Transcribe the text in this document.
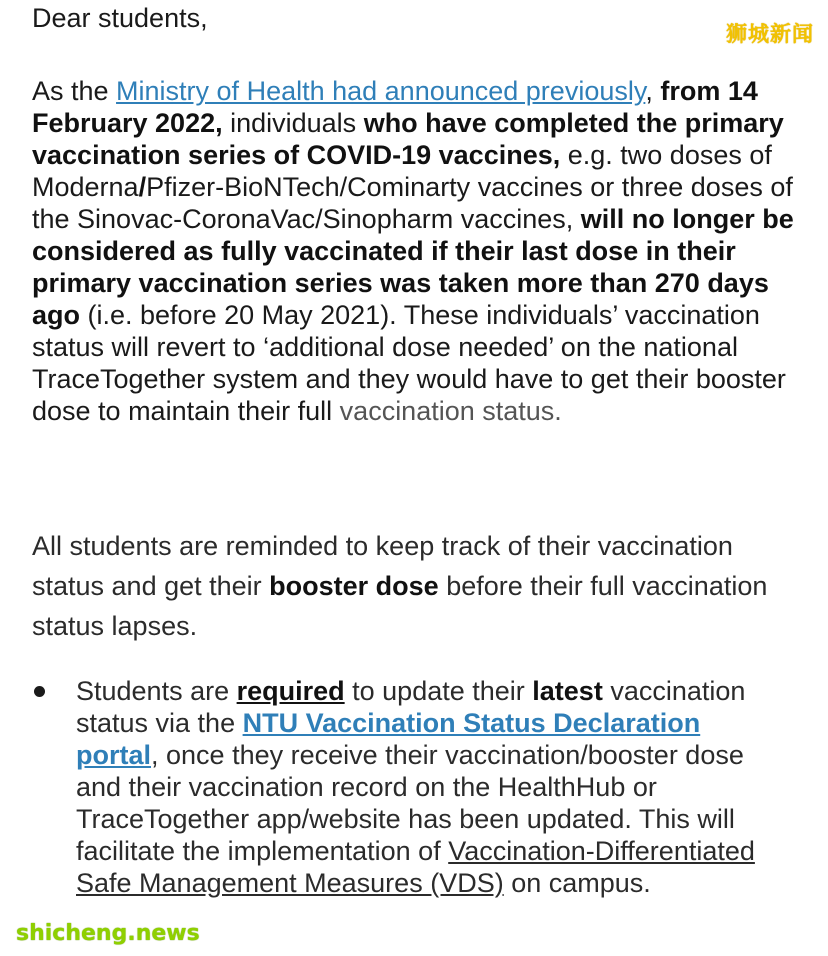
狮城新闻

Dear students,

As the Ministry of Health had announced previously, from 14 February 2022, individuals who have completed the primary vaccination series of COVID-19 vaccines, e.g. two doses of Moderna/Pfizer-BioNTech/Cominarty vaccines or three doses of the Sinovac-CoronaVac/Sinopharm vaccines, will no longer be considered as fully vaccinated if their last dose in their primary vaccination series was taken more than 270 days ago (i.e. before 20 May 2021). These individuals’ vaccination status will revert to ‘additional dose needed’ on the national TraceTogether system and they would have to get their booster dose to maintain their full vaccination status.

All students are reminded to keep track of their vaccination status and get their booster dose before their full vaccination status lapses.

Students are required to update their latest vaccination status via the NTU Vaccination Status Declaration portal, once they receive their vaccination/booster dose and their vaccination record on the HealthHub or TraceTogether app/website has been updated. This will facilitate the implementation of Vaccination-Differentiated Safe Management Measures (VDS) on campus.

shicheng.news
